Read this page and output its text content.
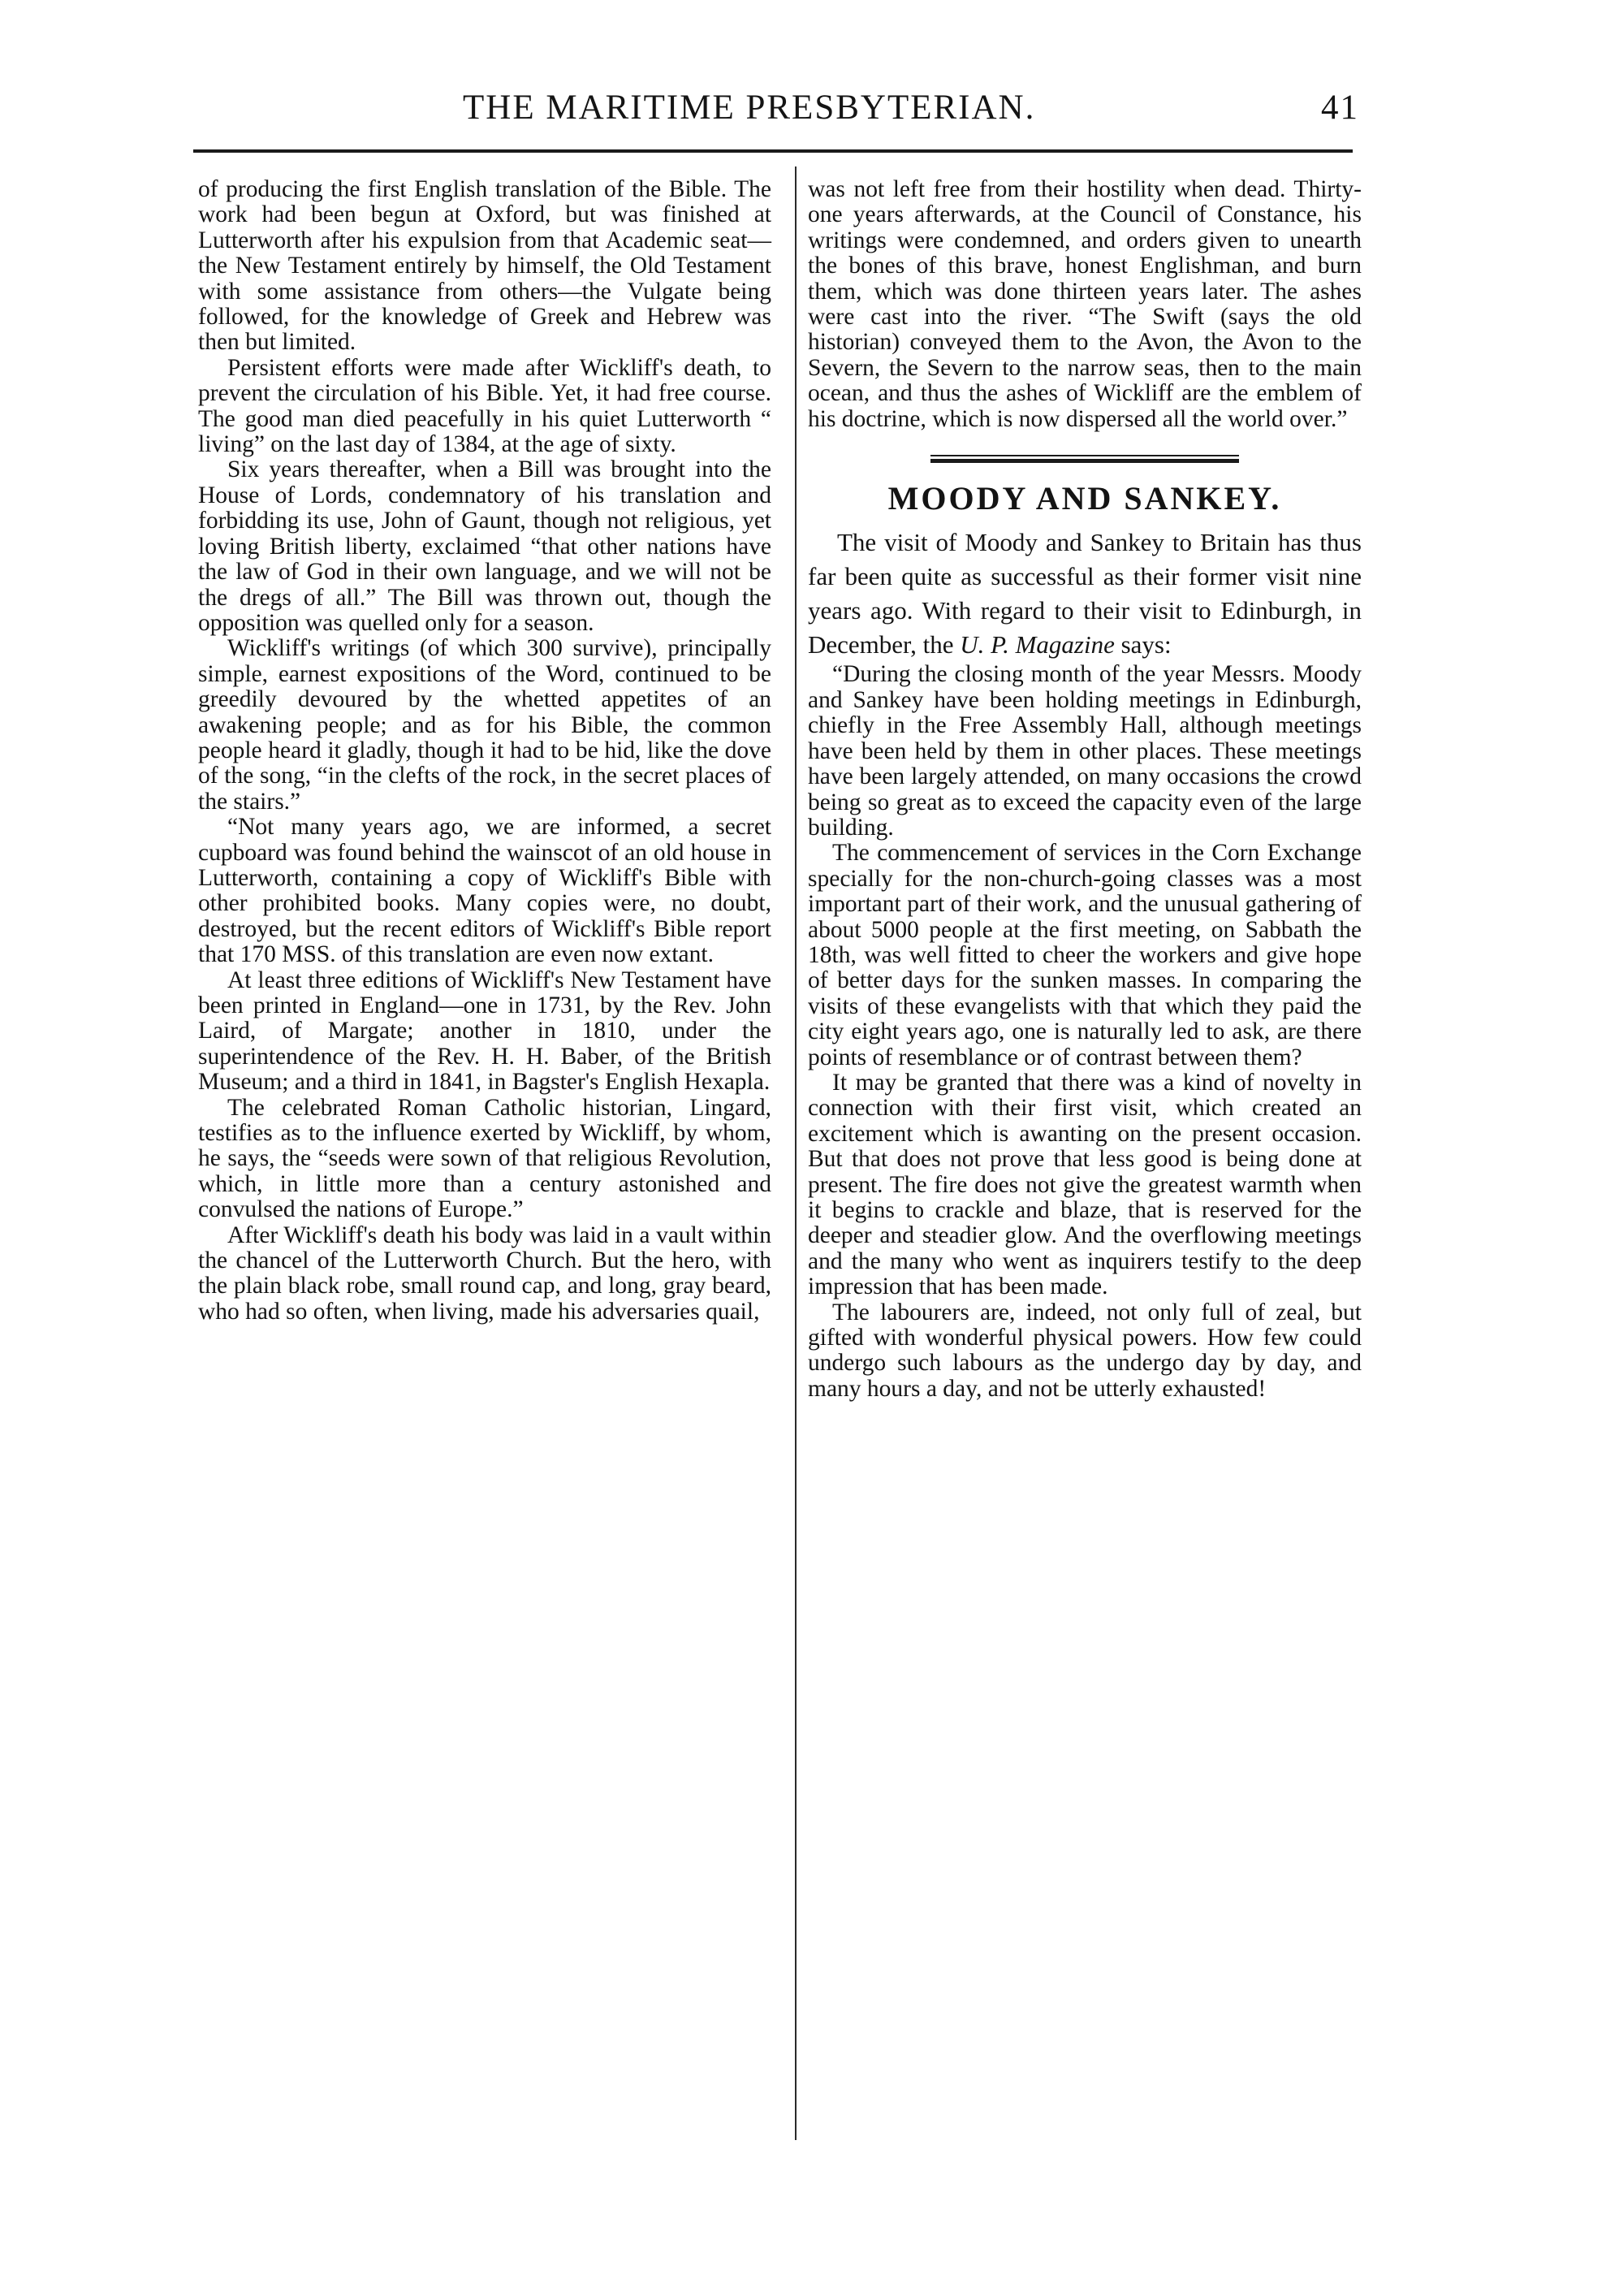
THE MARITIME PRESBYTERIAN.	41

of producing the first English translation of the Bible. The work had been begun at Oxford, but was finished at Lutterworth after his expulsion from that Academic seat—the New Testament entirely by himself, the Old Testament with some assistance from others—the Vulgate being followed, for the knowledge of Greek and Hebrew was then but limited.

Persistent efforts were made after Wickliff's death, to prevent the circulation of his Bible. Yet, it had free course. The good man died peacefully in his quiet Lutterworth “ living” on the last day of 1384, at the age of sixty.

Six years thereafter, when a Bill was brought into the House of Lords, condemnatory of his translation and forbidding its use, John of Gaunt, though not religious, yet loving British liberty, exclaimed “that other nations have the law of God in their own language, and we will not be the dregs of all.” The Bill was thrown out, though the opposition was quelled only for a season.

Wickliff's writings (of which 300 survive), principally simple, earnest expositions of the Word, continued to be greedily devoured by the whetted appetites of an awakening people; and as for his Bible, the common people heard it gladly, though it had to be hid, like the dove of the song, “in the clefts of the rock, in the secret places of the stairs.”

“Not many years ago, we are informed, a secret cupboard was found behind the wainscot of an old house in Lutterworth, containing a copy of Wickliff's Bible with other prohibited books. Many copies were, no doubt, destroyed, but the recent editors of Wickliff's Bible report that 170 MSS. of this translation are even now extant.

At least three editions of Wickliff's New Testament have been printed in England—one in 1731, by the Rev. John Laird, of Margate; another in 1810, under the superintendence of the Rev. H. H. Baber, of the British Museum; and a third in 1841, in Bagster's English Hexapla.

The celebrated Roman Catholic historian, Lingard, testifies as to the influence exerted by Wickliff, by whom, he says, the “seeds were sown of that religious Revolution, which, in little more than a century astonished and convulsed the nations of Europe.”

After Wickliff's death his body was laid in a vault within the chancel of the Lutterworth Church. But the hero, with the plain black robe, small round cap, and long, gray beard, who had so often, when living, made his adversaries quail,

was not left free from their hostility when dead. Thirty-one years afterwards, at the Council of Constance, his writings were condemned, and orders given to unearth the bones of this brave, honest Englishman, and burn them, which was done thirteen years later. The ashes were cast into the river. “The Swift (says the old historian) conveyed them to the Avon, the Avon to the Severn, the Severn to the narrow seas, then to the main ocean, and thus the ashes of Wickliff are the emblem of his doctrine, which is now dispersed all the world over.”

MOODY AND SANKEY.

The visit of Moody and Sankey to Britain has thus far been quite as successful as their former visit nine years ago. With regard to their visit to Edinburgh, in December, the U. P. Magazine says:

“During the closing month of the year Messrs. Moody and Sankey have been holding meetings in Edinburgh, chiefly in the Free Assembly Hall, although meetings have been held by them in other places. These meetings have been largely attended, on many occasions the crowd being so great as to exceed the capacity even of the large building.

The commencement of services in the Corn Exchange specially for the non-church-going classes was a most important part of their work, and the unusual gathering of about 5000 people at the first meeting, on Sabbath the 18th, was well fitted to cheer the workers and give hope of better days for the sunken masses. In comparing the visits of these evangelists with that which they paid the city eight years ago, one is naturally led to ask, are there points of resemblance or of contrast between them?

It may be granted that there was a kind of novelty in connection with their first visit, which created an excitement which is awanting on the present occasion. But that does not prove that less good is being done at present. The fire does not give the greatest warmth when it begins to crackle and blaze, that is reserved for the deeper and steadier glow. And the overflowing meetings and the many who went as inquirers testify to the deep impression that has been made.

The labourers are, indeed, not only full of zeal, but gifted with wonderful physical powers. How few could undergo such labours as the undergo day by day, and many hours a day, and not be utterly exhausted!
